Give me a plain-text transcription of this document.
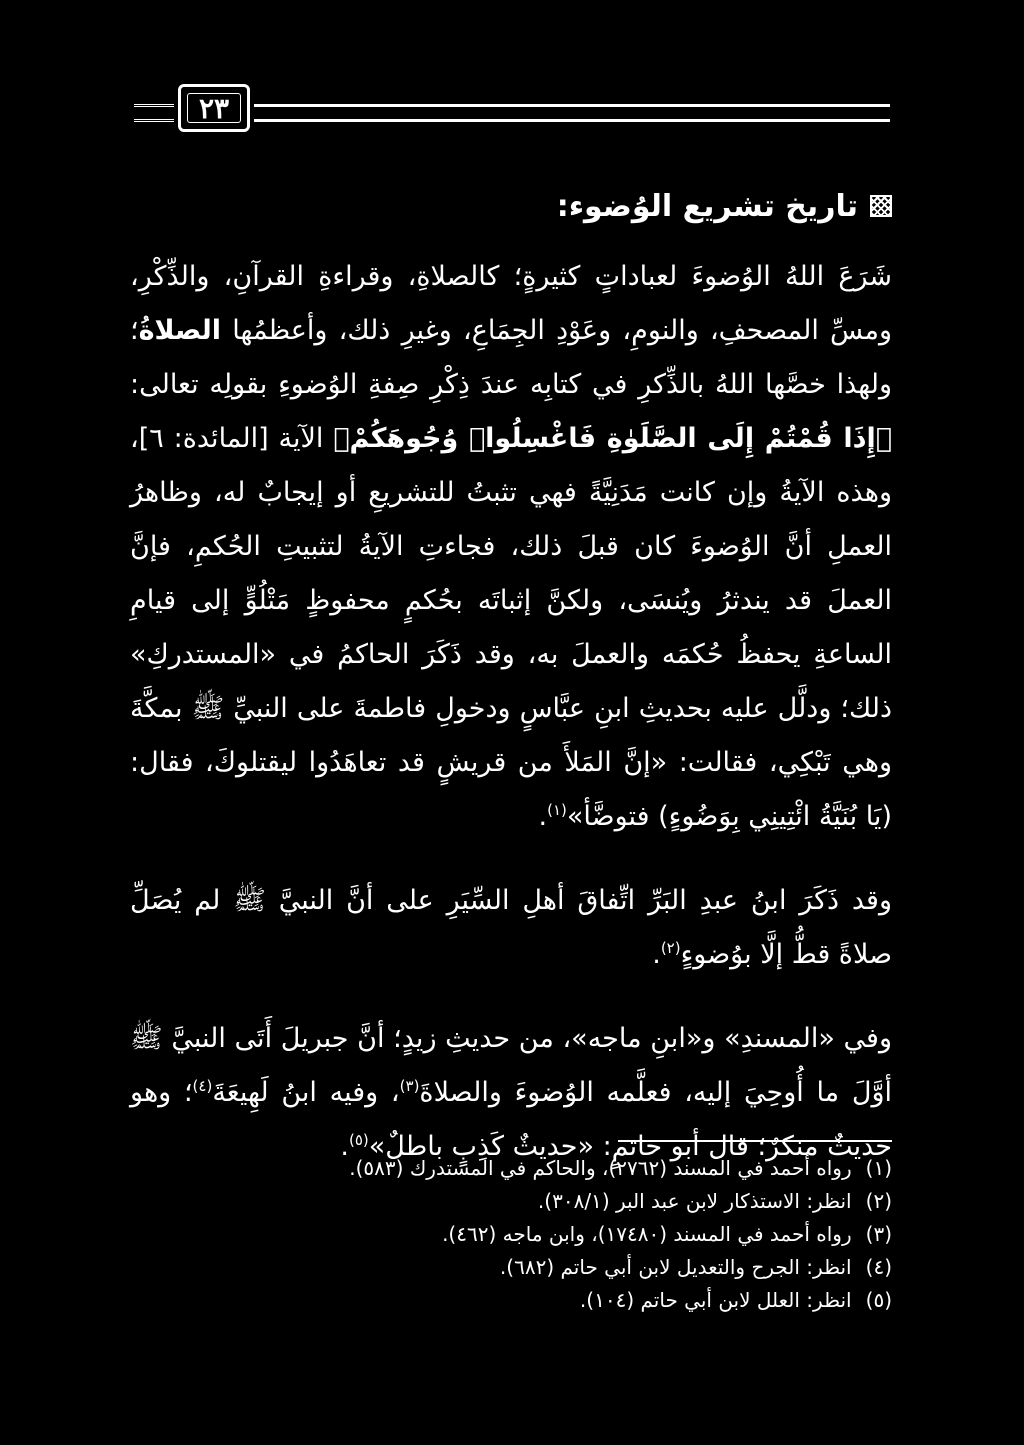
٢٣
تاريخ تشريع الوُضوء:

شَرَعَ اللهُ الوُضوءَ لعباداتٍ كثيرةٍ؛ كالصلاةِ، وقراءةِ القرآنِ، والذِّكْرِ، ومسِّ المصحفِ، والنومِ، وعَوْدِ الجِمَاعِ، وغيرِ ذلك، وأعظمُها الصلاةُ؛ ولهذا خصَّها اللهُ بالذِّكرِ في كتابِه عندَ ذِكْرِ صِفةِ الوُضوءِ بقولِه تعالى: ﴿إِذَا قُمْتُمْ إِلَى الصَّلَوٰةِ فَاغْسِلُوا۟ وُجُوهَكُمْ﴾ الآية [المائدة: ٦]، وهذه الآيةُ وإن كانت مَدَنِيَّةً فهي تثبتُ للتشريعِ أو إيجابٌ له، وظاهرُ العملِ أنَّ الوُضوءَ كان قبلَ ذلك، فجاءتِ الآيةُ لتثبيتِ الحُكمِ، فإنَّ العملَ قد يندثرُ ويُنسَى، ولكنَّ إثباتَه بحُكمٍ محفوظٍ مَتْلُوٍّ إلى قيامِ الساعةِ يحفظُ حُكمَه والعملَ به، وقد ذَكَرَ الحاكمُ في «المستدركِ» ذلك؛ ودلَّل عليه بحديثِ ابنِ عبَّاسٍ ودخولِ فاطمةَ على النبيِّ ﷺ بمكَّةَ وهي تَبْكِي، فقالت: «إنَّ المَلأَ من قريشٍ قد تعاهَدُوا ليقتلوكَ، فقال: (يَا بُنَيَّةُ ائْتِينِي بِوَضُوءٍ) فتوضَّأ»$^{(١)}$.

وقد ذَكَرَ ابنُ عبدِ البَرِّ اتِّفاقَ أهلِ السِّيَرِ على أنَّ النبيَّ ﷺ لم يُصَلِّ صلاةً قطُّ إلَّا بوُضوءٍ$^{(٢)}$.

وفي «المسندِ» و«ابنِ ماجه»، من حديثِ زيدٍ؛ أنَّ جبريلَ أَتَى النبيَّ ﷺ أوَّلَ ما أُوحِيَ إليه، فعلَّمه الوُضوءَ والصلاةَ$^{(٣)}$، وفيه ابنُ لَهِيعَةَ$^{(٤)}$؛ وهو حديثٌ منكرٌ؛ قال أبو حاتمٍ: «حديثٌ كَذِبٍ باطلٌ»$^{(٥)}$.

(١)
رواه أحمد في المسند (٢٧٦٢)، والحاكم في المستدرك (٥٨٣).
(٢)
انظر: الاستذكار لابن عبد البر (٣٠٨/١).
(٣)
رواه أحمد في المسند (١٧٤٨٠)، وابن ماجه (٤٦٢).
(٤)
انظر: الجرح والتعديل لابن أبي حاتم (٦٨٢).
(٥)
انظر: العلل لابن أبي حاتم (١٠٤).
